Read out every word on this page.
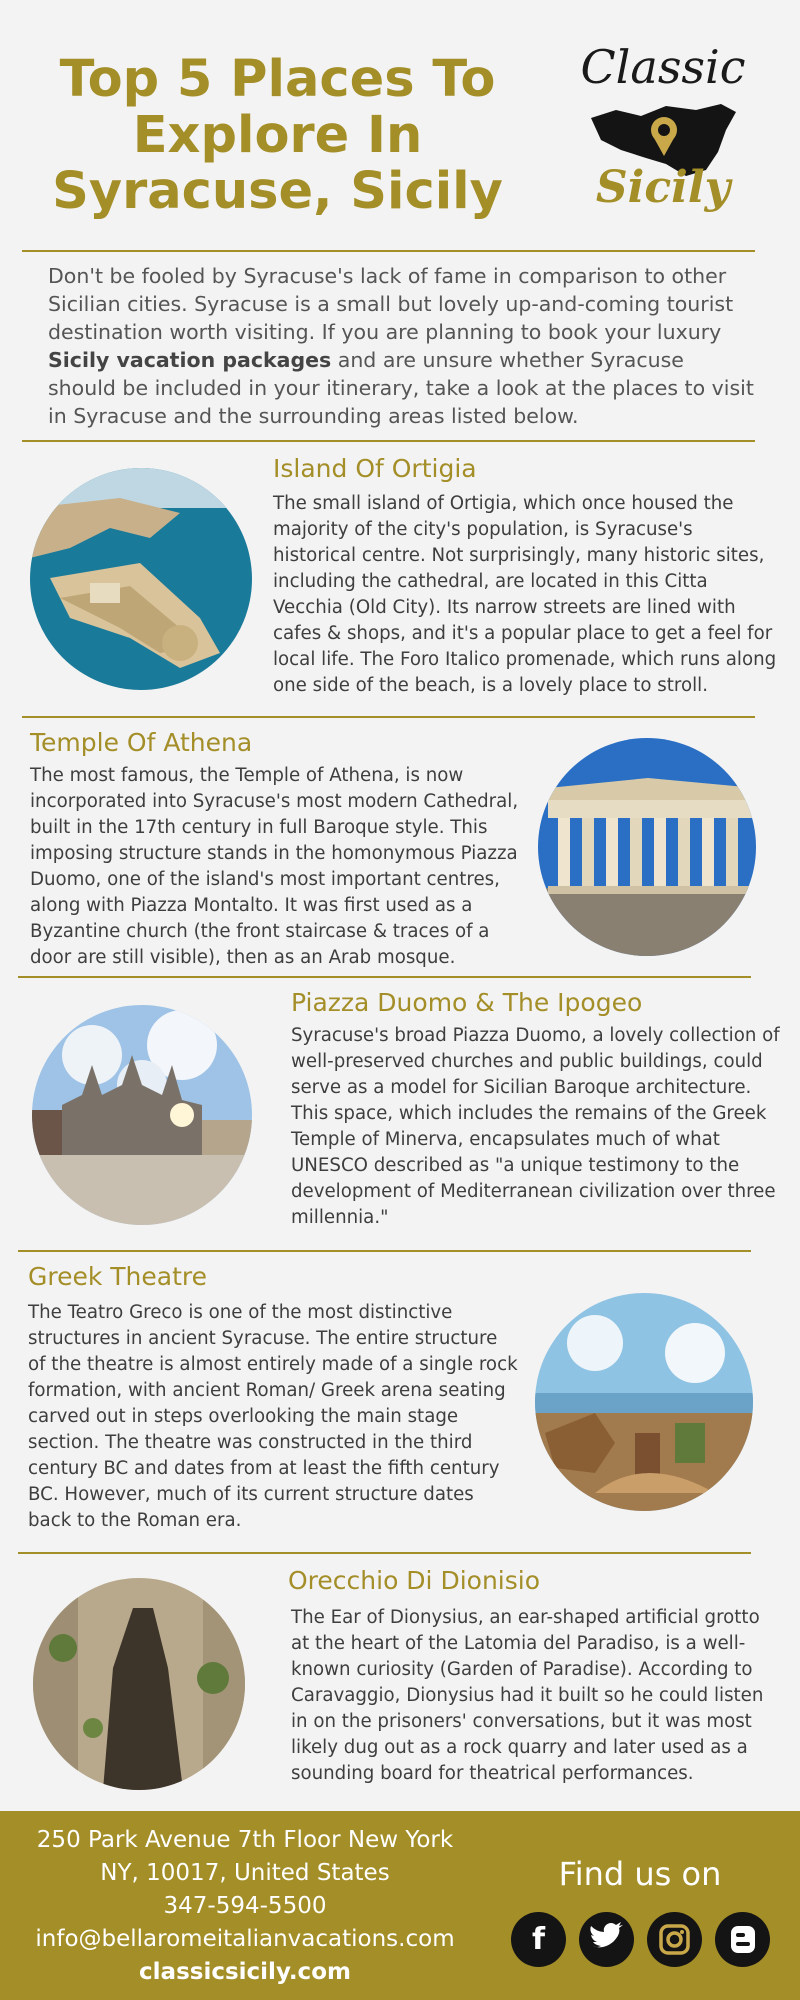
Top 5 Places To
Explore In
Syracuse, Sicily
Classic
Sicily
Don't be fooled by Syracuse's lack of fame in comparison to other Sicilian cities. Syracuse is a small but lovely up-and-coming tourist destination worth visiting. If you are planning to book your luxury Sicily vacation packages and are unsure whether Syracuse should be included in your itinerary, take a look at the places to visit in Syracuse and the surrounding areas listed below.
Island Of Ortigia
The small island of Ortigia, which once housed the majority of the city's population, is Syracuse's historical centre. Not surprisingly, many historic sites, including the cathedral, are located in this Citta Vecchia (Old City). Its narrow streets are lined with cafes & shops, and it's a popular place to get a feel for local life. The Foro Italico promenade, which runs along one side of the beach, is a lovely place to stroll.
Temple Of Athena
The most famous, the Temple of Athena, is now incorporated into Syracuse's most modern Cathedral, built in the 17th century in full Baroque style. This imposing structure stands in the homonymous Piazza Duomo, one of the island's most important centres, along with Piazza Montalto. It was first used as a Byzantine church (the front staircase & traces of a door are still visible), then as an Arab mosque.
Piazza Duomo & The Ipogeo
Syracuse's broad Piazza Duomo, a lovely collection of well-preserved churches and public buildings, could serve as a model for Sicilian Baroque architecture. This space, which includes the remains of the Greek Temple of Minerva, encapsulates much of what UNESCO described as "a unique testimony to the development of Mediterranean civilization over three millennia."
Greek Theatre
The Teatro Greco is one of the most distinctive structures in ancient Syracuse. The entire structure of the theatre is almost entirely made of a single rock formation, with ancient Roman/ Greek arena seating carved out in steps overlooking the main stage section. The theatre was constructed in the third century BC and dates from at least the fifth century BC. However, much of its current structure dates back to the Roman era.
Orecchio Di Dionisio
The Ear of Dionysius, an ear-shaped artificial grotto at the heart of the Latomia del Paradiso, is a well-known curiosity (Garden of Paradise). According to Caravaggio, Dionysius had it built so he could listen in on the prisoners' conversations, but it was most likely dug out as a rock quarry and later used as a sounding board for theatrical performances.
250 Park Avenue 7th Floor New York
NY, 10017, United States
347-594-5500
info@bellaromeitalianvacations.com
classicsicily.com
Find us on
f
